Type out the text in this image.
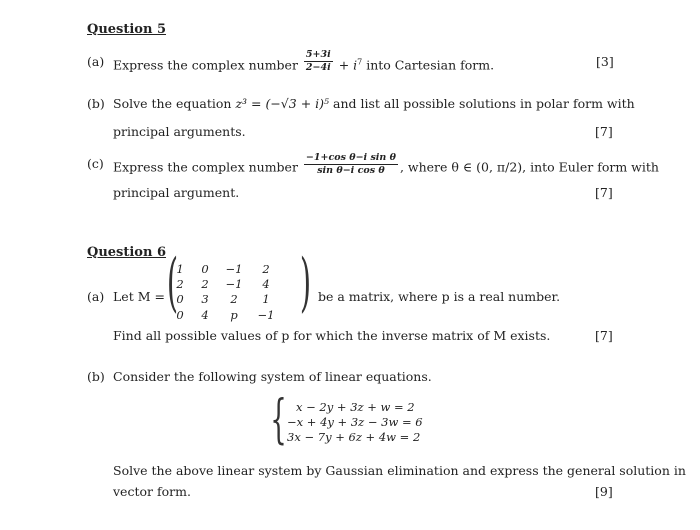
Question 5
(a) Express the complex number $\frac{5+3i}{2-4i} + i^7$ into Cartesian form.	[3]
(b) Solve the equation z³ = (−√3 + i)⁵ and list all possible solutions in polar form with
principal arguments.	[7]
(c) Express the complex number $\frac{\text{−1+cos θ−i sin θ}}{\text{sin θ−i cos θ}}$ , where θ ∈ (0, π/2), into Euler form with
principal argument.	[7]
Question 6
(a) Let M = (
1	0	−1	2
2	2	−1	4
0	3	2	1
0	4	p	−1 ) be a matrix, where p is a real number.
Find all possible values of p for which the inverse matrix of M exists.	[7]
(b) Consider the following system of linear equations.
{ x − 2y + 3z + w = 2
−x + 4y + 3z − 3w = 6
3x − 7y + 6z + 4w = 2
Solve the above linear system by Gaussian elimination and express the general solution in
vector form.	[9]
